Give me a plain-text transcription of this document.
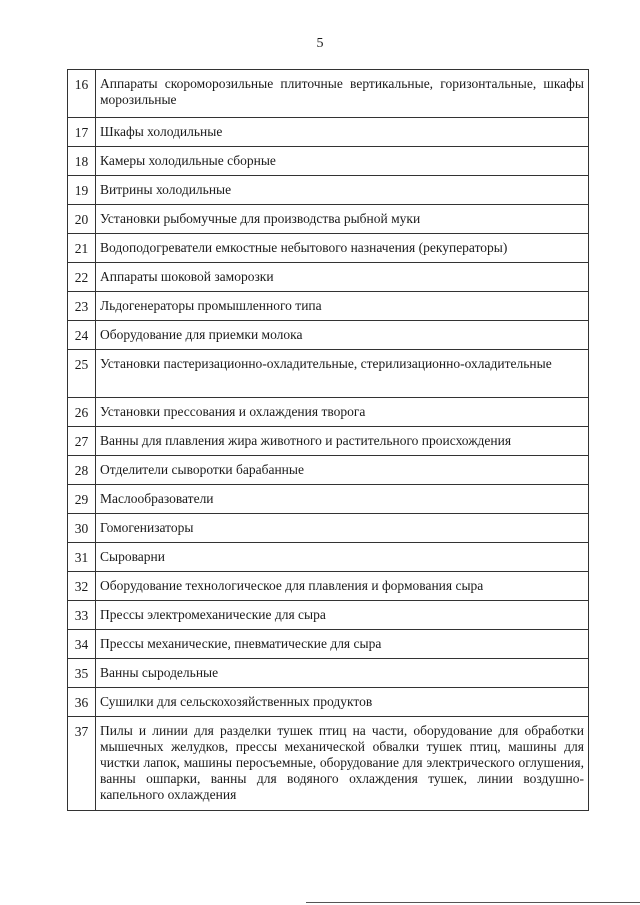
5
16	Аппараты скороморозильные плиточные вертикальные, горизонтальные, шкафы морозильные

17	Шкафы холодильные

18	Камеры холодильные сборные

19	Витрины холодильные

20	Установки рыбомучные для производства рыбной муки

21	Водоподогреватели емкостные небытового назначения (рекуператоры)

22	Аппараты шоковой заморозки

23	Льдогенераторы промышленного типа

24	Оборудование для приемки молока

25	Установки пастеризационно-охладительные, стерилизационно-охладительные

26	Установки прессования и охлаждения творога

27	Ванны для плавления жира животного и растительного происхождения

28	Отделители сыворотки барабанные

29	Маслообразователи

30	Гомогенизаторы

31	Сыроварни

32	Оборудование технологическое для плавления и формования сыра

33	Прессы электромеханические для сыра

34	Прессы механические, пневматические для сыра

35	Ванны сыродельные

36	Сушилки для сельскохозяйственных продуктов

37	Пилы и линии для разделки тушек птиц на части, оборудование для обработки мышечных желудков, прессы механической обвалки тушек птиц, машины для чистки лапок, машины перосъемные, оборудование для электрического оглушения, ванны ошпарки, ванны для водяного охлаждения тушек, линии воздушно-капельного охлаждения
